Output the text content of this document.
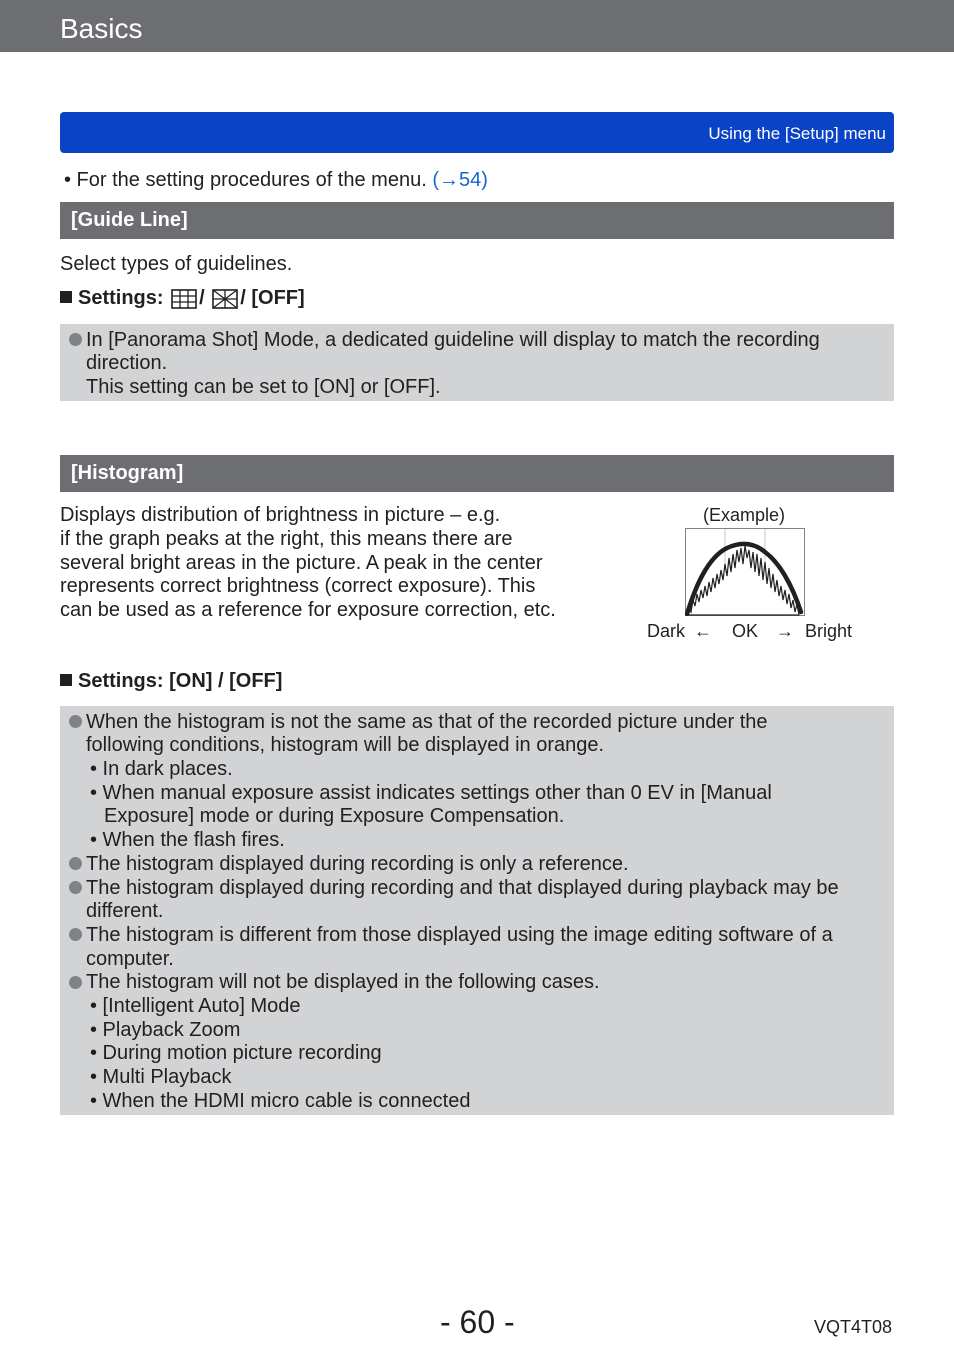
Basics
Using the [Setup] menu
• For the setting procedures of the menu. (→54)
[Guide Line]
Select types of guidelines.
Settings: / / [OFF]
In [Panorama Shot] Mode, a dedicated guideline will display to match the recording
direction.
This setting can be set to [ON] or [OFF].
[Histogram]
Displays distribution of brightness in picture – e.g.
if the graph peaks at the right, this means there are
several bright areas in the picture. A peak in the center
represents correct brightness (correct exposure). This
can be used as a reference for exposure correction, etc.
(Example)
Dark ← OK → Bright
Settings: [ON] / [OFF]
When the histogram is not the same as that of the recorded picture under the
following conditions, histogram will be displayed in orange.
• In dark places.
• When manual exposure assist indicates settings other than 0 EV in [Manual
Exposure] mode or during Exposure Compensation.
• When the flash fires.
The histogram displayed during recording is only a reference.
The histogram displayed during recording and that displayed during playback may be
different.
The histogram is different from those displayed using the image editing software of a
computer.
The histogram will not be displayed in the following cases.
• [Intelligent Auto] Mode
• Playback Zoom
• During motion picture recording
• Multi Playback
• When the HDMI micro cable is connected
- 60 -	VQT4T08
